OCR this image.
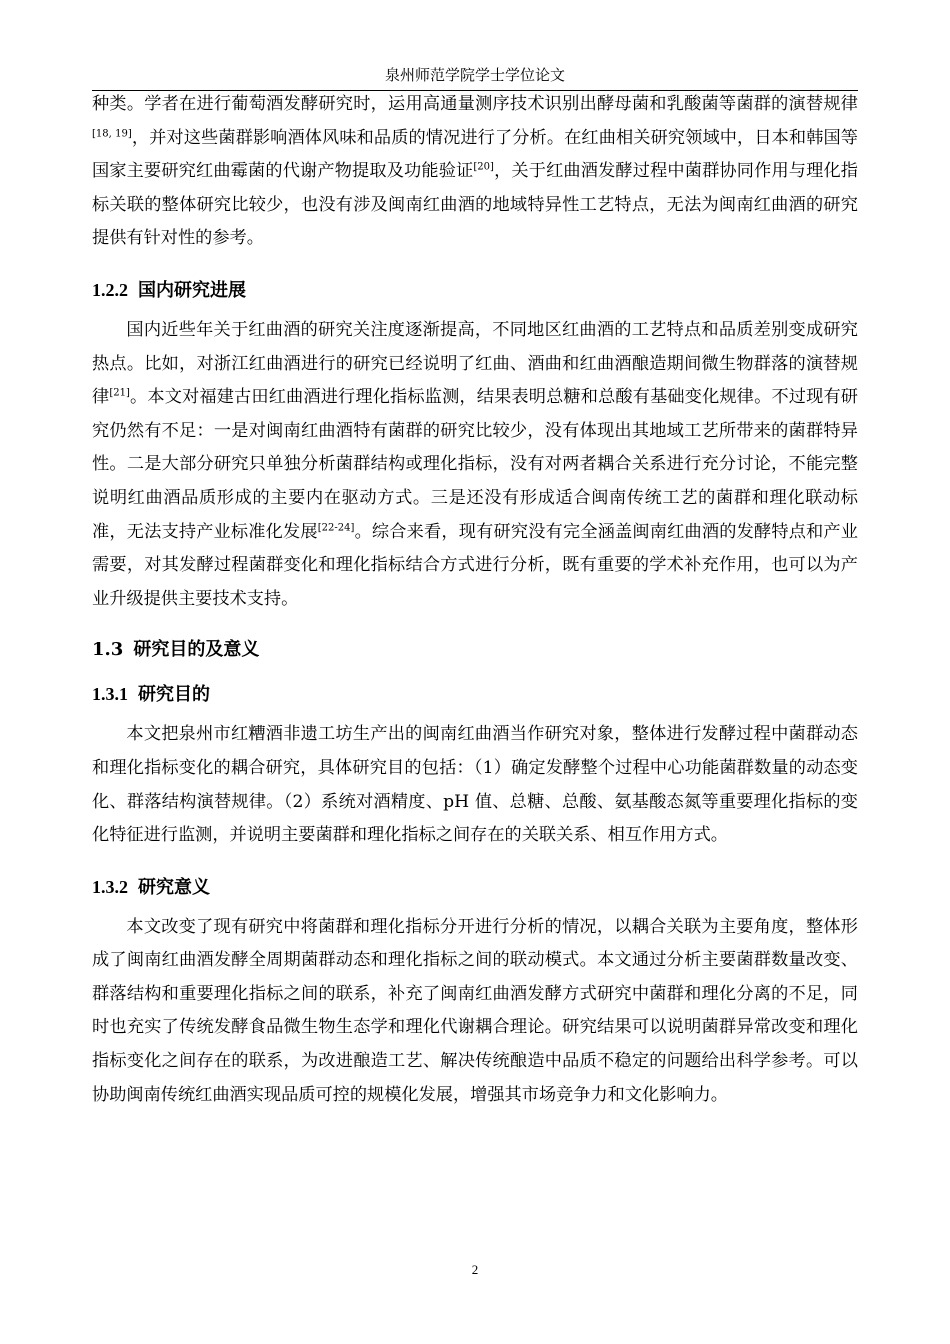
泉州师范学院学士学位论文

种类。学者在进行葡萄酒发酵研究时，运用高通量测序技术识别出酵母菌和乳酸菌等菌群的演替规律[18, 19]，并对这些菌群影响酒体风味和品质的情况进行了分析。在红曲相关研究领域中，日本和韩国等国家主要研究红曲霉菌的代谢产物提取及功能验证[20]，关于红曲酒发酵过程中菌群协同作用与理化指标关联的整体研究比较少，也没有涉及闽南红曲酒的地域特异性工艺特点，无法为闽南红曲酒的研究提供有针对性的参考。

1.2.2 国内研究进展

国内近些年关于红曲酒的研究关注度逐渐提高，不同地区红曲酒的工艺特点和品质差别变成研究热点。比如，对浙江红曲酒进行的研究已经说明了红曲、酒曲和红曲酒酿造期间微生物群落的演替规律[21]。本文对福建古田红曲酒进行理化指标监测，结果表明总糖和总酸有基础变化规律。不过现有研究仍然有不足：一是对闽南红曲酒特有菌群的研究比较少，没有体现出其地域工艺所带来的菌群特异性。二是大部分研究只单独分析菌群结构或理化指标，没有对两者耦合关系进行充分讨论，不能完整说明红曲酒品质形成的主要内在驱动方式。三是还没有形成适合闽南传统工艺的菌群和理化联动标准，无法支持产业标准化发展[22-24]。综合来看，现有研究没有完全涵盖闽南红曲酒的发酵特点和产业需要，对其发酵过程菌群变化和理化指标结合方式进行分析，既有重要的学术补充作用，也可以为产业升级提供主要技术支持。

1.3 研究目的及意义
1.3.1 研究目的

本文把泉州市红糟酒非遗工坊生产出的闽南红曲酒当作研究对象，整体进行发酵过程中菌群动态和理化指标变化的耦合研究，具体研究目的包括：（1）确定发酵整个过程中心功能菌群数量的动态变化、群落结构演替规律。（2）系统对酒精度、pH 值、总糖、总酸、氨基酸态氮等重要理化指标的变化特征进行监测，并说明主要菌群和理化指标之间存在的关联关系、相互作用方式。

1.3.2 研究意义

本文改变了现有研究中将菌群和理化指标分开进行分析的情况，以耦合关联为主要角度，整体形成了闽南红曲酒发酵全周期菌群动态和理化指标之间的联动模式。本文通过分析主要菌群数量改变、群落结构和重要理化指标之间的联系，补充了闽南红曲酒发酵方式研究中菌群和理化分离的不足，同时也充实了传统发酵食品微生物生态学和理化代谢耦合理论。研究结果可以说明菌群异常改变和理化指标变化之间存在的联系，为改进酿造工艺、解决传统酿造中品质不稳定的问题给出科学参考。可以协助闽南传统红曲酒实现品质可控的规模化发展，增强其市场竞争力和文化影响力。

2
